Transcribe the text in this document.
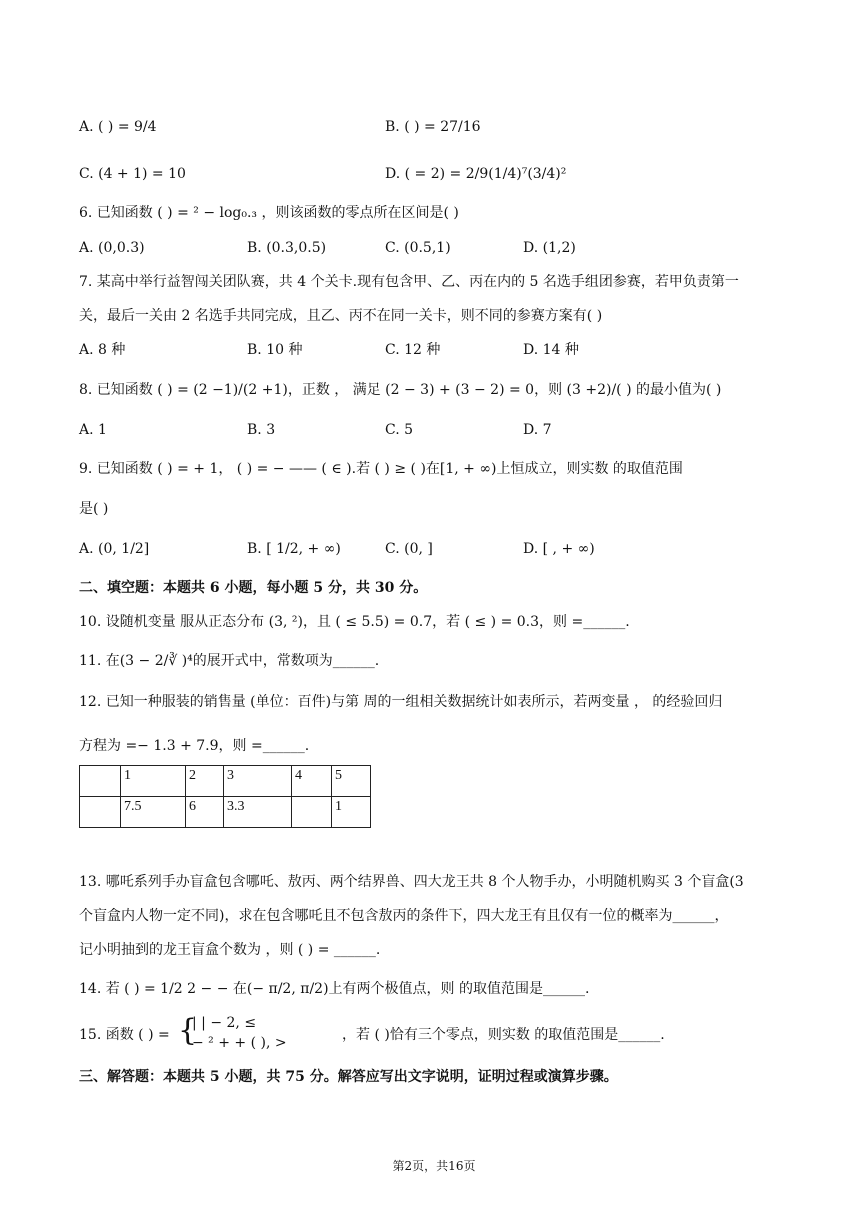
A. ( ) = 9/4	B. ( ) = 27/16
C. (4 + 1) = 10	D. ( = 2) = 2/9(1/4)⁷(3/4)²
6. 已知函数 ( ) = ² − log₀.₃ ，则该函数的零点所在区间是( )
A. (0,0.3)	B. (0.3,0.5)	C. (0.5,1)	D. (1,2)
7. 某高中举行益智闯关团队赛，共 4 个关卡.现有包含甲、乙、丙在内的 5 名选手组团参赛，若甲负责第一
关，最后一关由 2 名选手共同完成，且乙、丙不在同一关卡，则不同的参赛方案有( )
A. 8 种	B. 10 种	C. 12 种	D. 14 种
8. 已知函数 ( ) = (2 −1)/(2 +1)，正数 ， 满足 (2 − 3) + (3 − 2) = 0，则 (3 +2)/( ) 的最小值为( )
A. 1	B. 3	C. 5	D. 7
9. 已知函数 ( ) = + 1， ( ) = − —— ( ∈ ).若 ( ) ≥ ( )在[1, + ∞)上恒成立，则实数 的取值范围
是( )
A. (0, 1/2]	B. [ 1/2, + ∞)	C. (0, ]	D. [ , + ∞)
二、填空题：本题共 6 小题，每小题 5 分，共 30 分。
10. 设随机变量 服从正态分布 (3, ²)，且 ( ≤ 5.5) = 0.7，若 ( ≤ ) = 0.3，则 =______.
11. 在(3 − 2/∛ )⁴的展开式中，常数项为______.
12. 已知一种服装的销售量 (单位：百件)与第 周的一组相关数据统计如表所示，若两变量 ， 的经验回归
方程为 =− 1.3 + 7.9，则 =______.
	1	2	3	4	5
	7.5	6	3.3		1
13. 哪吒系列手办盲盒包含哪吒、敖丙、两个结界兽、四大龙王共 8 个人物手办，小明随机购买 3 个盲盒(3
个盲盒内人物一定不同)，求在包含哪吒且不包含敖丙的条件下，四大龙王有且仅有一位的概率为______，
记小明抽到的龙王盲盒个数为 ，则 ( ) = ______.
14. 若 ( ) = 1/2 2 − − 在(− π/2, π/2)上有两个极值点，则 的取值范围是______.
15. 函数 ( ) = {
| | − 2, ≤
− ² + + ( ), >	，若 ( )恰有三个零点，则实数 的取值范围是______.
三、解答题：本题共 5 小题，共 75 分。解答应写出文字说明，证明过程或演算步骤。
第2页，共16页
